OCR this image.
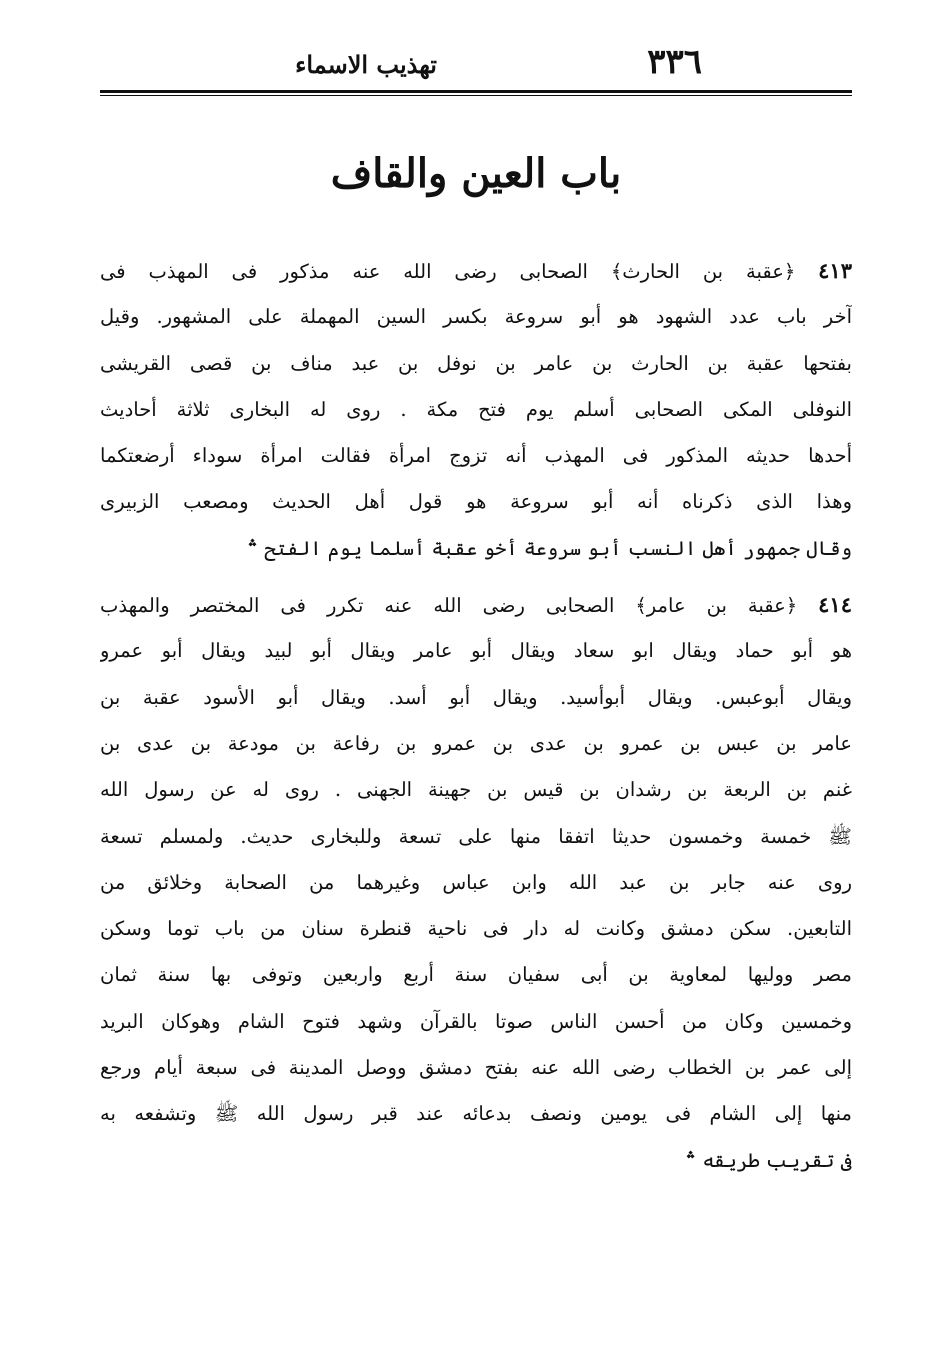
٣٣٦
تهذيب الاسماء
باب العين والقاف
٤١٣ ﴿عقبة بن الحارث﴾ الصحابى رضى الله عنه مذكور فى المهذب فى
آخر باب عدد الشهود هو أبو سروعة بكسر السين المهملة على المشهور. وقيل
بفتحها عقبة بن الحارث بن عامر بن نوفل بن عبد مناف بن قصى القريشى
النوفلى المكى الصحابى أسلم يوم فتح مكة . روى له البخارى ثلاثة أحاديث
أحدها حديثه المذكور فى المهذب أنه تزوج امرأة فقالت امرأة سوداء أرضعتكما
وهذا الذى ذكرناه أنه أبو سروعة هو قول أهل الحديث ومصعب الزبيرى
وقال جمهور أهل النسب أبو سروعة أخو عقبة أسلما يوم الفتح ؞
٤١٤ ﴿عقبة بن عامر﴾ الصحابى رضى الله عنه تكرر فى المختصر والمهذب
هو أبو حماد ويقال ابو سعاد ويقال أبو عامر ويقال أبو لبيد ويقال أبو عمرو
ويقال أبوعبس. ويقال أبوأسيد. ويقال أبو أسد. ويقال أبو الأسود عقبة بن
عامر بن عبس بن عمرو بن عدى بن عمرو بن رفاعة بن مودعة بن عدى بن
غنم بن الربعة بن رشدان بن قيس بن جهينة الجهنى . روى له عن رسول الله
ﷺ خمسة وخمسون حديثا اتفقا منها على تسعة وللبخارى حديث. ولمسلم تسعة
روى عنه جابر بن عبد الله وابن عباس وغيرهما من الصحابة وخلائق من
التابعين. سكن دمشق وكانت له دار فى ناحية قنطرة سنان من باب توما وسكن
مصر ووليها لمعاوية بن أبى سفيان سنة أربع واربعين وتوفى بها سنة ثمان
وخمسين وكان من أحسن الناس صوتا بالقرآن وشهد فتوح الشام وهوكان البريد
إلى عمر بن الخطاب رضى الله عنه بفتح دمشق ووصل المدينة فى سبعة أيام ورجع
منها إلى الشام فى يومين ونصف بدعائه عند قبر رسول الله ﷺ وتشفعه به
فى تقريب طريقه ؞
